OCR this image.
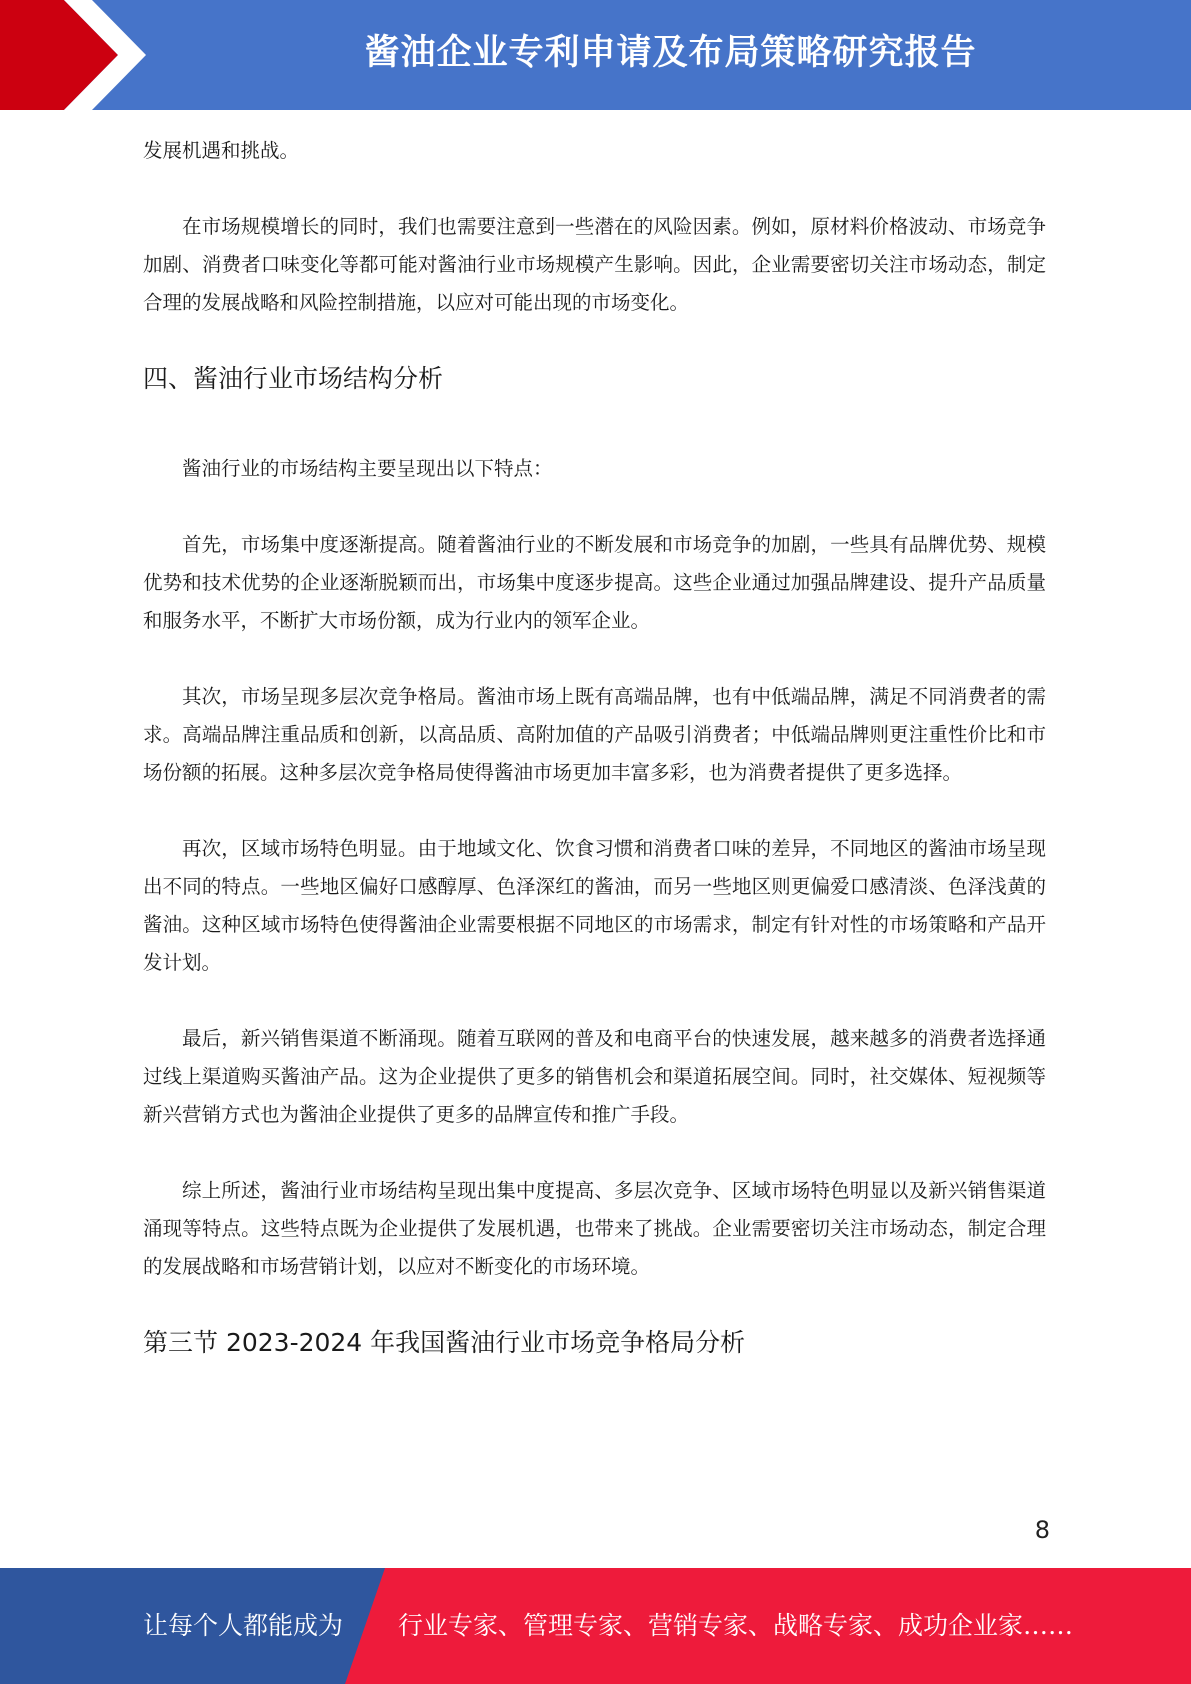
酱油企业专利申请及布局策略研究报告

发展机遇和挑战。

在市场规模增长的同时，我们也需要注意到一些潜在的风险因素。例如，原材料价格波动、市场竞争加剧、消费者口味变化等都可能对酱油行业市场规模产生影响。因此，企业需要密切关注市场动态，制定合理的发展战略和风险控制措施，以应对可能出现的市场变化。

四、酱油行业市场结构分析

酱油行业的市场结构主要呈现出以下特点：

首先，市场集中度逐渐提高。随着酱油行业的不断发展和市场竞争的加剧，一些具有品牌优势、规模优势和技术优势的企业逐渐脱颖而出，市场集中度逐步提高。这些企业通过加强品牌建设、提升产品质量和服务水平，不断扩大市场份额，成为行业内的领军企业。

其次，市场呈现多层次竞争格局。酱油市场上既有高端品牌，也有中低端品牌，满足不同消费者的需求。高端品牌注重品质和创新，以高品质、高附加值的产品吸引消费者；中低端品牌则更注重性价比和市场份额的拓展。这种多层次竞争格局使得酱油市场更加丰富多彩，也为消费者提供了更多选择。

再次，区域市场特色明显。由于地域文化、饮食习惯和消费者口味的差异，不同地区的酱油市场呈现出不同的特点。一些地区偏好口感醇厚、色泽深红的酱油，而另一些地区则更偏爱口感清淡、色泽浅黄的酱油。这种区域市场特色使得酱油企业需要根据不同地区的市场需求，制定有针对性的市场策略和产品开发计划。

最后，新兴销售渠道不断涌现。随着互联网的普及和电商平台的快速发展，越来越多的消费者选择通过线上渠道购买酱油产品。这为企业提供了更多的销售机会和渠道拓展空间。同时，社交媒体、短视频等新兴营销方式也为酱油企业提供了更多的品牌宣传和推广手段。

综上所述，酱油行业市场结构呈现出集中度提高、多层次竞争、区域市场特色明显以及新兴销售渠道涌现等特点。这些特点既为企业提供了发展机遇，也带来了挑战。企业需要密切关注市场动态，制定合理的发展战略和市场营销计划，以应对不断变化的市场环境。

第三节 2023-2024 年我国酱油行业市场竞争格局分析
8
让每个人都能成为 行业专家、管理专家、营销专家、战略专家、成功企业家……
